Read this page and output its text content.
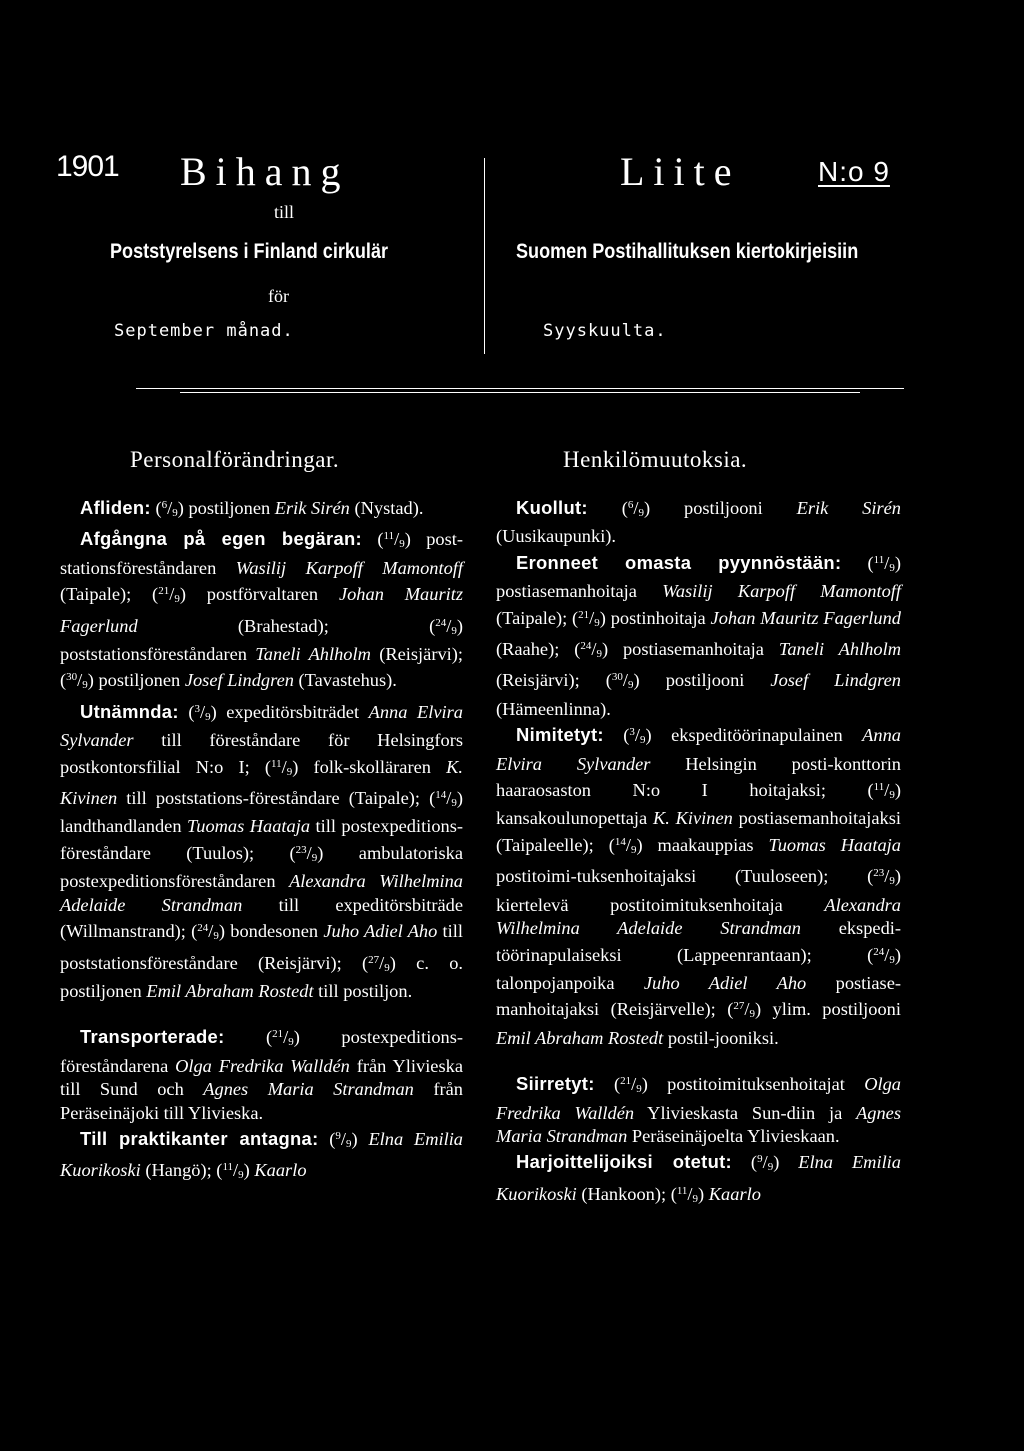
1901 Bihang	Liite	N:o 9
till
Poststyrelsens i Finland cirkulär	Suomen Postihallituksen kiertokirjeisiin
för
September månad.	Syyskuulta.
Personalförändringar.	Henkilömuutoksia.

Afliden: $(^6/_9)$ postiljonen Erik Sirén (Nystad).

Afgångna på egen begäran: $(^{11}/_9)$ post-stationsföreståndaren Wasilij Karpoff Mamontoff (Taipale); $(^{21}/_9)$ postförvaltaren Johan Mauritz Fagerlund (Brahestad); $(^{24}/_9)$ poststationsföreståndaren Taneli Ahlholm (Reisjärvi); $(^{30}/_9)$ postiljonen Josef Lindgren (Tavastehus).

Utnämnda: $(^3/_9)$ expeditörsbiträdet Anna Elvira Sylvander till föreståndare för Helsingfors postkontorsfilial N:o I; $(^{11}/_9)$ folk-skolläraren K. Kivinen till poststations-föreståndare (Taipale); $(^{14}/_9)$ landthandlanden Tuomas Haataja till postexpeditions-föreståndare (Tuulos); $(^{23}/_9)$ ambulatoriska postexpeditionsföreståndaren Alexandra Wilhelmina Adelaide Strandman till expeditörsbiträde (Willmanstrand); $(^{24}/_9)$ bondesonen Juho Adiel Aho till poststationsföreståndare (Reisjärvi); $(^{27}/_9)$ c. o. postiljonen Emil Abraham Rostedt till postiljon.

Transporterade: $(^{21}/_9)$ postexpeditions-föreståndarena Olga Fredrika Walldén från Ylivieska till Sund och Agnes Maria Strandman från Peräseinäjoki till Ylivieska.

Till praktikanter antagna: $(^9/_9)$ Elna Emilia Kuorikoski (Hangö); $(^{11}/_9)$ Kaarlo

Kuollut: $(^6/_9)$ postiljooni Erik Sirén (Uusikaupunki).

Eronneet omasta pyynnöstään: $(^{11}/_9)$ postiasemanhoitaja Wasilij Karpoff Mamontoff (Taipale); $(^{21}/_9)$ postinhoitaja Johan Mauritz Fagerlund (Raahe); $(^{24}/_9)$ postiasemanhoitaja Taneli Ahlholm (Reisjärvi); $(^{30}/_9)$ postiljooni Josef Lindgren (Hämeenlinna).

Nimitetyt: $(^3/_9)$ ekspeditöörinapulainen Anna Elvira Sylvander Helsingin posti-konttorin haaraosaston N:o I hoitajaksi; $(^{11}/_9)$ kansakoulunopettaja K. Kivinen postiasemanhoitajaksi (Taipaleelle); $(^{14}/_9)$ maakauppias Tuomas Haataja postitoimi-tuksenhoitajaksi (Tuuloseen); $(^{23}/_9)$ kiertelevä postitoimituksenhoitaja Alexandra Wilhelmina Adelaide Strandman ekspedi-töörinapulaiseksi (Lappeenrantaan); $(^{24}/_9)$ talonpojanpoika Juho Adiel Aho postiase-manhoitajaksi (Reisjärvelle); $(^{27}/_9)$ ylim. postiljooni Emil Abraham Rostedt postil-jooniksi.

Siirretyt: $(^{21}/_9)$ postitoimituksenhoitajat Olga Fredrika Walldén Ylivieskasta Sun-diin ja Agnes Maria Strandman Peräseinäjoelta Ylivieskaan.

Harjoittelijoiksi otetut: $(^9/_9)$ Elna Emilia Kuorikoski (Hankoon); $(^{11}/_9)$ Kaarlo
